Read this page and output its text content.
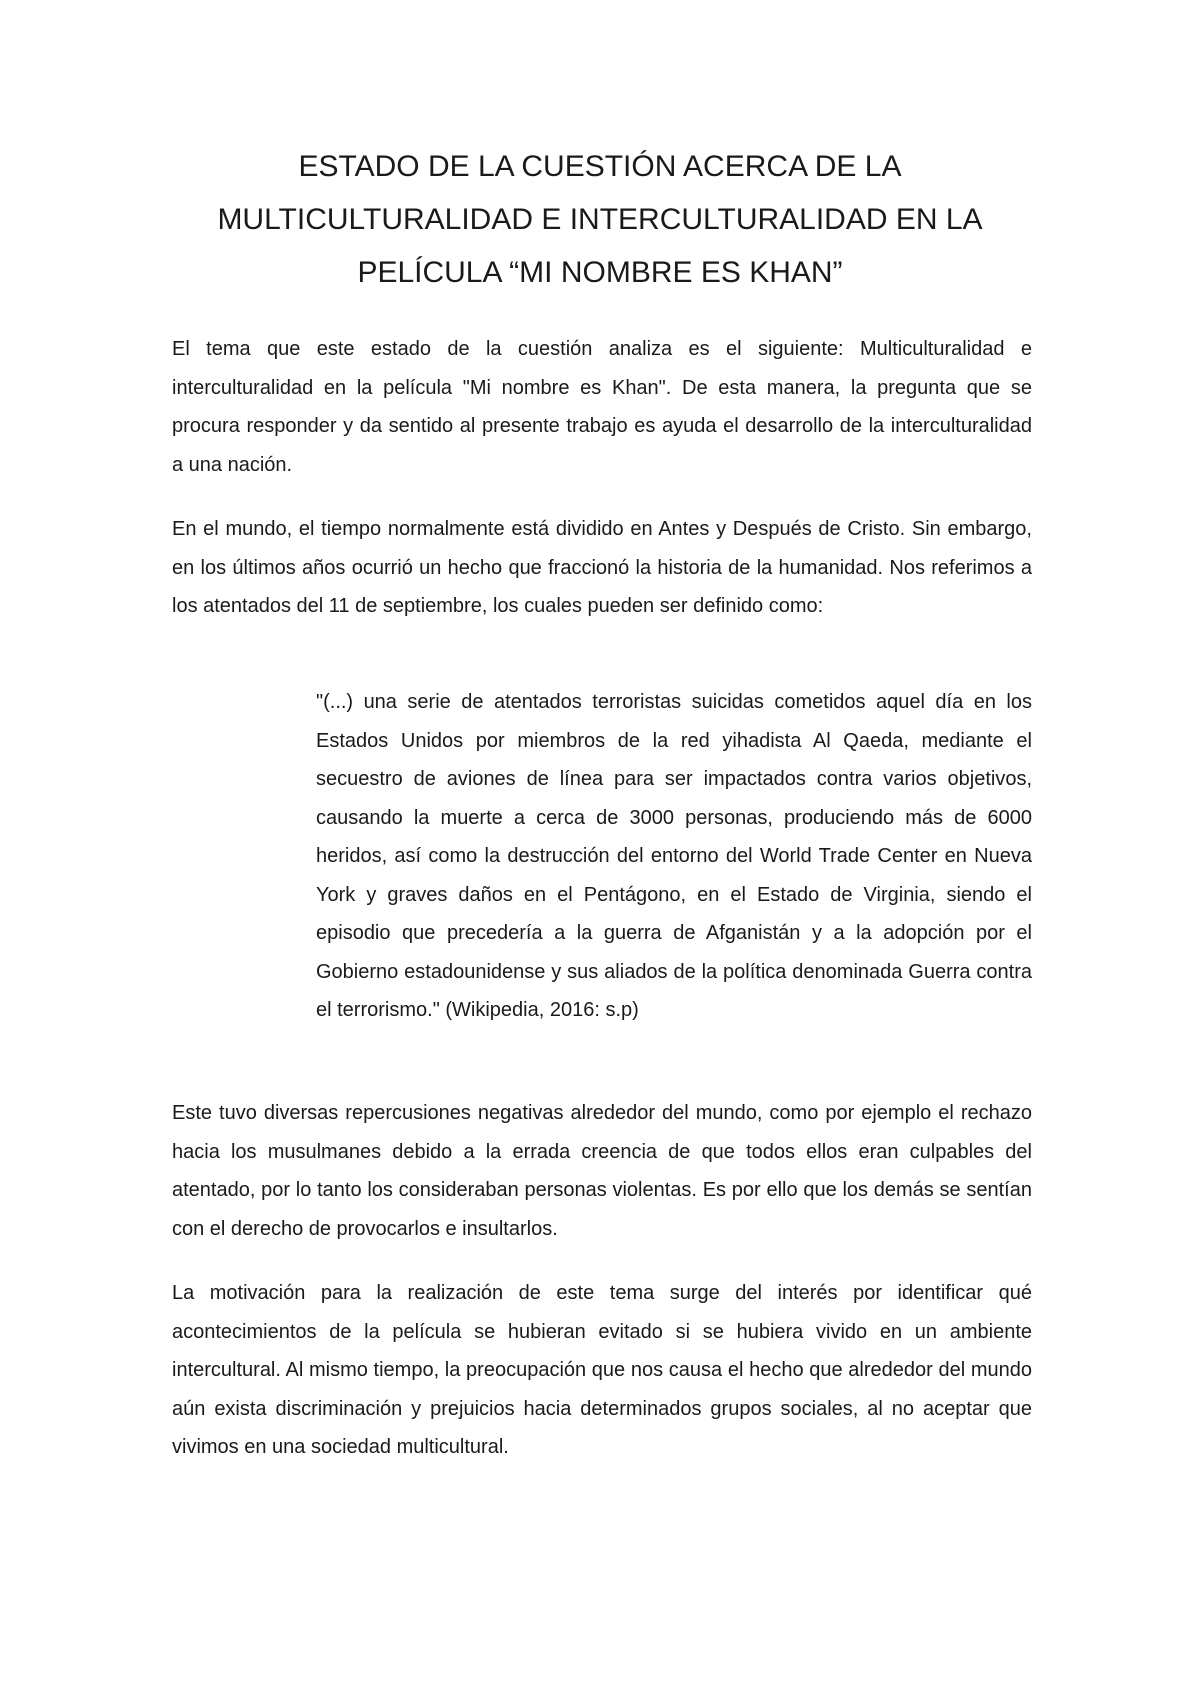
ESTADO DE LA CUESTIÓN ACERCA DE LA
MULTICULTURALIDAD E INTERCULTURALIDAD EN LA
PELÍCULA “MI NOMBRE ES KHAN”

El tema que este estado de la cuestión analiza es el siguiente: Multiculturalidad e interculturalidad en la película "Mi nombre es Khan". De esta manera, la pregunta que se procura responder y da sentido al presente trabajo es ayuda el desarrollo de la interculturalidad a una nación.

En el mundo, el tiempo normalmente está dividido en Antes y Después de Cristo. Sin embargo, en los últimos años ocurrió un hecho que fraccionó la historia de la humanidad. Nos referimos a los atentados del 11 de septiembre, los cuales pueden ser definido como:

"(...) una serie de atentados terroristas suicidas cometidos aquel día en los Estados Unidos por miembros de la red yihadista Al Qaeda, mediante el secuestro de aviones de línea para ser impactados contra varios objetivos, causando la muerte a cerca de 3000 personas, produciendo más de 6000 heridos, así como la destrucción del entorno del World Trade Center en Nueva York y graves daños en el Pentágono, en el Estado de Virginia, siendo el episodio que precedería a la guerra de Afganistán y a la adopción por el Gobierno estadounidense y sus aliados de la política denominada Guerra contra el terrorismo." (Wikipedia, 2016: s.p)

Este tuvo diversas repercusiones negativas alrededor del mundo, como por ejemplo el rechazo hacia los musulmanes debido a la errada creencia de que todos ellos eran culpables del atentado, por lo tanto los consideraban personas violentas. Es por ello que los demás se sentían con el derecho de provocarlos e insultarlos.

La motivación para la realización de este tema surge del interés por identificar qué acontecimientos de la película se hubieran evitado si se hubiera vivido en un ambiente intercultural. Al mismo tiempo, la preocupación que nos causa el hecho que alrededor del mundo aún exista discriminación y prejuicios hacia determinados grupos sociales, al no aceptar que vivimos en una sociedad multicultural.
